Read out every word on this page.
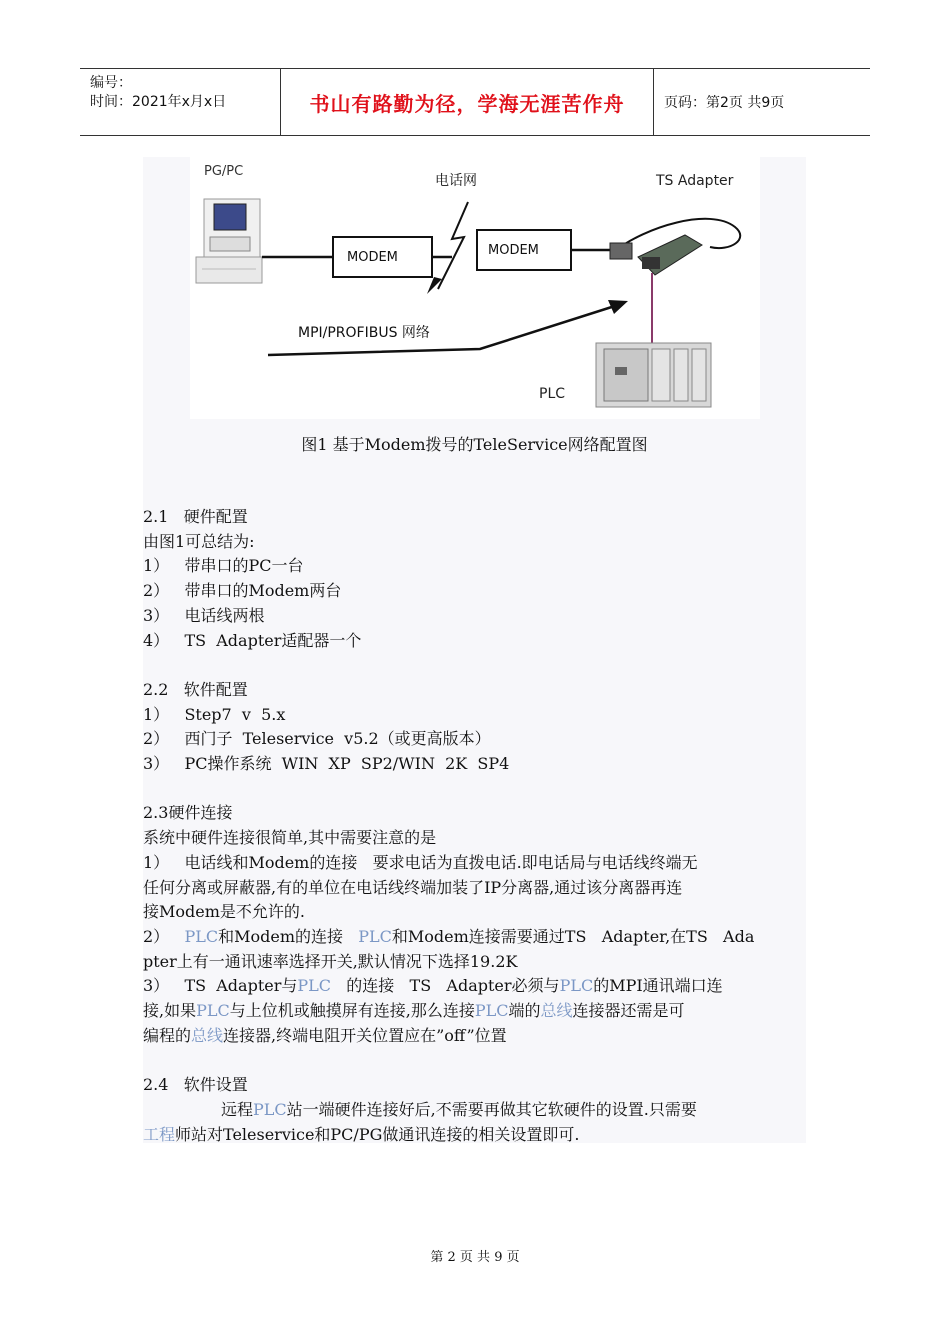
编号：
时间：2021年x月x日	书山有路勤为径，学海无涯苦作舟	页码：第2页 共9页
PG/PC
MODEM
电话网
MODEM
TS Adapter
MPI/PROFIBUS 网络
PLC
图1 基于Modem拨号的TeleService网络配置图

2.1   硬件配置

由图1可总结为:

1）   带串口的PC一台

2）   带串口的Modem两台

3）   电话线两根

4）   TS  Adapter适配器一个

2.2   软件配置

1）   Step7  v  5.x

2）   西门子  Teleservice  v5.2（或更高版本）

3）   PC操作系统  WIN  XP  SP2/WIN  2K  SP4

2.3硬件连接

系统中硬件连接很简单,其中需要注意的是

1）   电话线和Modem的连接   要求电话为直拨电话.即电话局与电话线终端无

任何分离或屏蔽器,有的单位在电话线终端加装了IP分离器,通过该分离器再连

接Modem是不允许的.

2）   PLC和Modem的连接   PLC和Modem连接需要通过TS   Adapter,在TS   Ada

pter上有一通讯速率选择开关,默认情况下选择19.2K

3）   TS  Adapter与PLC   的连接   TS   Adapter必须与PLC的MPI通讯端口连

接,如果PLC与上位机或触摸屏有连接,那么连接PLC端的总线连接器还需是可

编程的总线连接器,终端电阻开关位置应在”off”位置

2.4   软件设置

远程PLC站一端硬件连接好后,不需要再做其它软硬件的设置.只需要

工程师站对Teleservice和PC/PG做通讯连接的相关设置即可.

第 2 页 共 9 页
